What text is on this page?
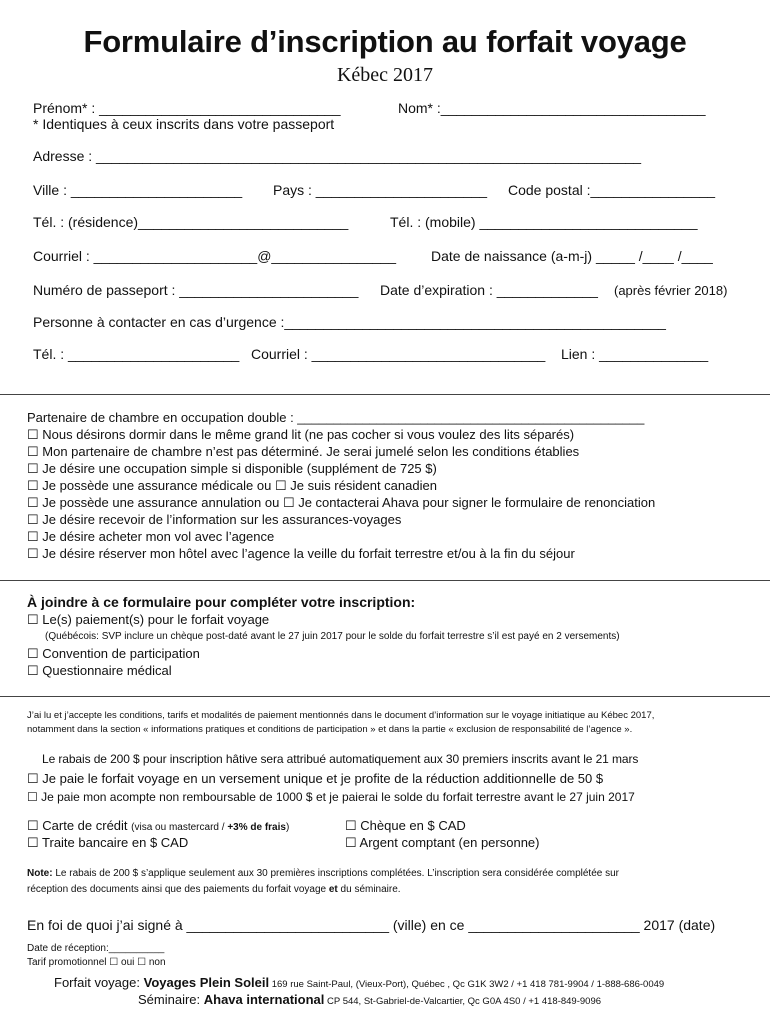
Formulaire d’inscription au forfait voyage
Kébec 2017
Prénom* : _______________________________	Nom* :__________________________________
* Identiques à ceux inscrits dans votre passeport
Adresse : ______________________________________________________________________
Ville : ______________________ Pays : ______________________ Code postal :________________
Tél. : (résidence)___________________________	Tél. : (mobile) ____________________________
Courriel : _____________________@________________	Date de naissance (a-m-j) _____ /____ /____
Numéro de passeport : _______________________ Date d’expiration : _____________ (après février 2018)
Personne à contacter en cas d’urgence :_________________________________________________
Tél. : ______________________ Courriel : ______________________________ Lien : ______________
Partenaire de chambre en occupation double : ________________________________________________
☐ Nous désirons dormir dans le même grand lit (ne pas cocher si vous voulez des lits séparés)
☐ Mon partenaire de chambre n’est pas déterminé. Je serai jumelé selon les conditions établies
☐ Je désire une occupation simple si disponible (supplément de 725 $)
☐ Je possède une assurance médicale ou ☐ Je suis résident canadien
☐ Je possède une assurance annulation ou ☐ Je contacterai Ahava pour signer le formulaire de renonciation
☐ Je désire recevoir de l’information sur les assurances-voyages
☐ Je désire acheter mon vol avec l’agence
☐ Je désire réserver mon hôtel avec l’agence la veille du forfait terrestre et/ou à la fin du séjour
À joindre à ce formulaire pour compléter votre inscription:
☐ Le(s) paiement(s) pour le forfait voyage
(Québécois: SVP inclure un chèque post-daté avant le 27 juin 2017 pour le solde du forfait terrestre s’il est payé en 2 versements)
☐ Convention de participation
☐ Questionnaire médical
J’ai lu et j’accepte les conditions, tarifs et modalités de paiement mentionnés dans le document d’information sur le voyage initiatique au Kébec 2017,
notamment dans la section « informations pratiques et conditions de participation » et dans la partie « exclusion de responsabilité de l’agence ».
Le rabais de 200 $ pour inscription hâtive sera attribué automatiquement aux 30 premiers inscrits avant le 21 mars
☐ Je paie le forfait voyage en un versement unique et je profite de la réduction additionnelle de 50 $
☐ Je paie mon acompte non remboursable de 1000 $ et je paierai le solde du forfait terrestre avant le 27 juin 2017
☐ Carte de crédit (visa ou mastercard / +3% de frais)	☐ Chèque en $ CAD
☐ Traite bancaire en $ CAD	☐ Argent comptant (en personne)
Note: Le rabais de 200 $ s’applique seulement aux 30 premières inscriptions complétées. L’inscription sera considérée complétée sur
réception des documents ainsi que des paiements du forfait voyage et du séminaire.
En foi de quoi j’ai signé à __________________________ (ville) en ce ______________________ 2017 (date)
Date de réception:__________
Tarif promotionnel ☐ oui ☐ non
Forfait voyage: Voyages Plein Soleil 169 rue Saint-Paul, (Vieux-Port), Québec , Qc G1K 3W2 / +1 418 781-9904 / 1-888-686-0049
Séminaire: Ahava international CP 544, St-Gabriel-de-Valcartier, Qc G0A 4S0 / +1 418-849-9096
